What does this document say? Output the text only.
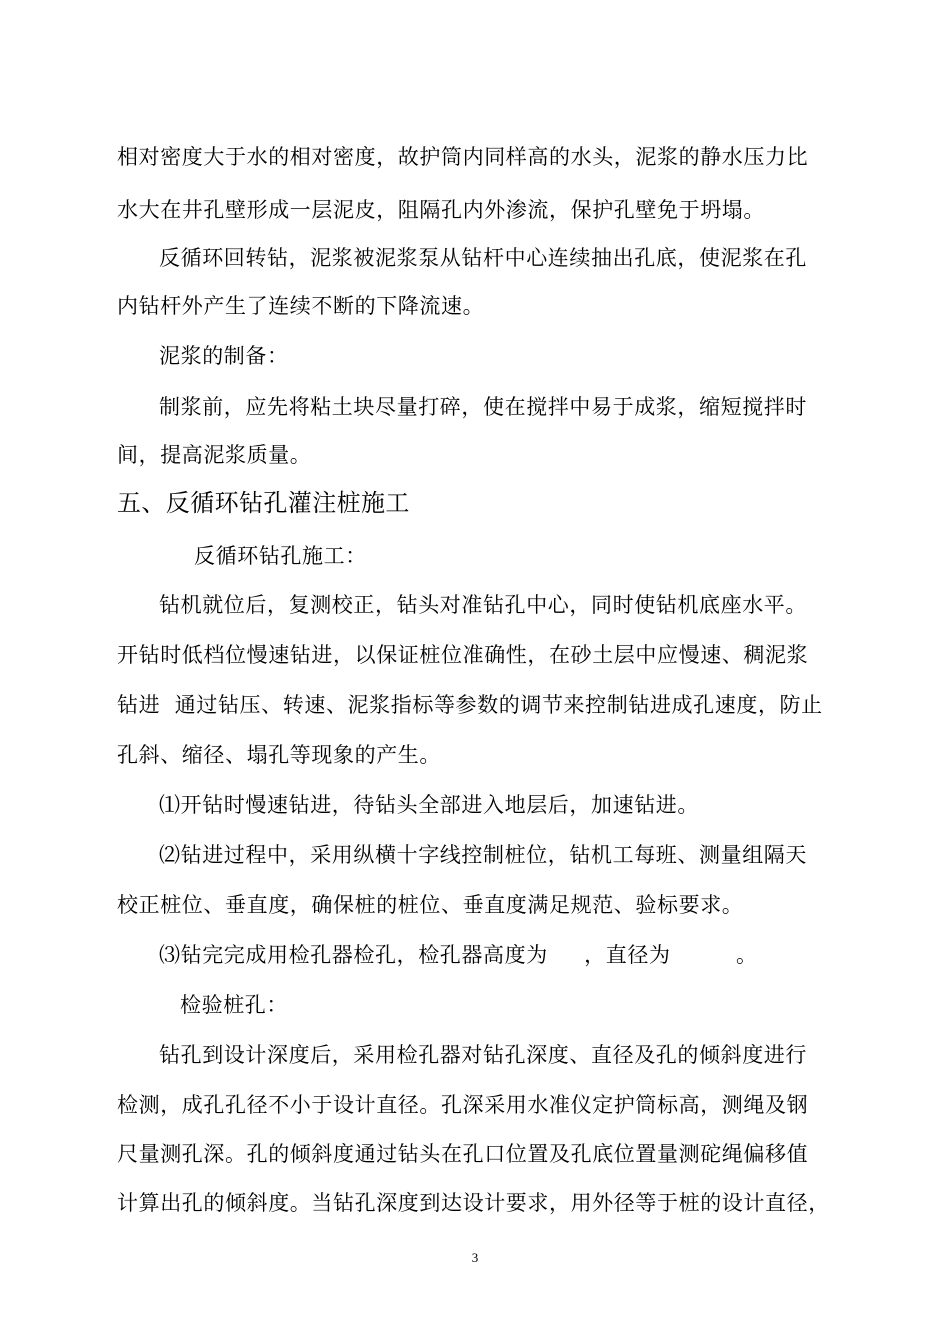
相对密度大于水的相对密度，故护筒内同样高的水头，泥浆的静水压力比
水大在井孔壁形成一层泥皮，阻隔孔内外渗流，保护孔壁免于坍塌。
反循环回转钻，泥浆被泥浆泵从钻杆中心连续抽出孔底，使泥浆在孔
内钻杆外产生了连续不断的下降流速。
泥浆的制备：
制浆前，应先将粘土块尽量打碎，使在搅拌中易于成浆，缩短搅拌时
间，提高泥浆质量。
五、反循环钻孔灌注桩施工
反循环钻孔施工：
钻机就位后，复测校正，钻头对准钻孔中心，同时使钻机底座水平。
开钻时低档位慢速钻进，以保证桩位准确性，在砂土层中应慢速、稠泥浆
钻进  通过钻压、转速、泥浆指标等参数的调节来控制钻进成孔速度，防止
孔斜、缩径、塌孔等现象的产生。
⑴开钻时慢速钻进，待钻头全部进入地层后，加速钻进。
⑵钻进过程中，采用纵横十字线控制桩位，钻机工每班、测量组隔天
校正桩位、垂直度，确保桩的桩位、垂直度满足规范、验标要求。
⑶钻完完成用检孔器检孔，检孔器高度为     ，直径为         。
检验桩孔：
钻孔到设计深度后，采用检孔器对钻孔深度、直径及孔的倾斜度进行
检测，成孔孔径不小于设计直径。孔深采用水准仪定护筒标高，测绳及钢
尺量测孔深。孔的倾斜度通过钻头在孔口位置及孔底位置量测砣绳偏移值
计算出孔的倾斜度。当钻孔深度到达设计要求，用外径等于桩的设计直径，
3
